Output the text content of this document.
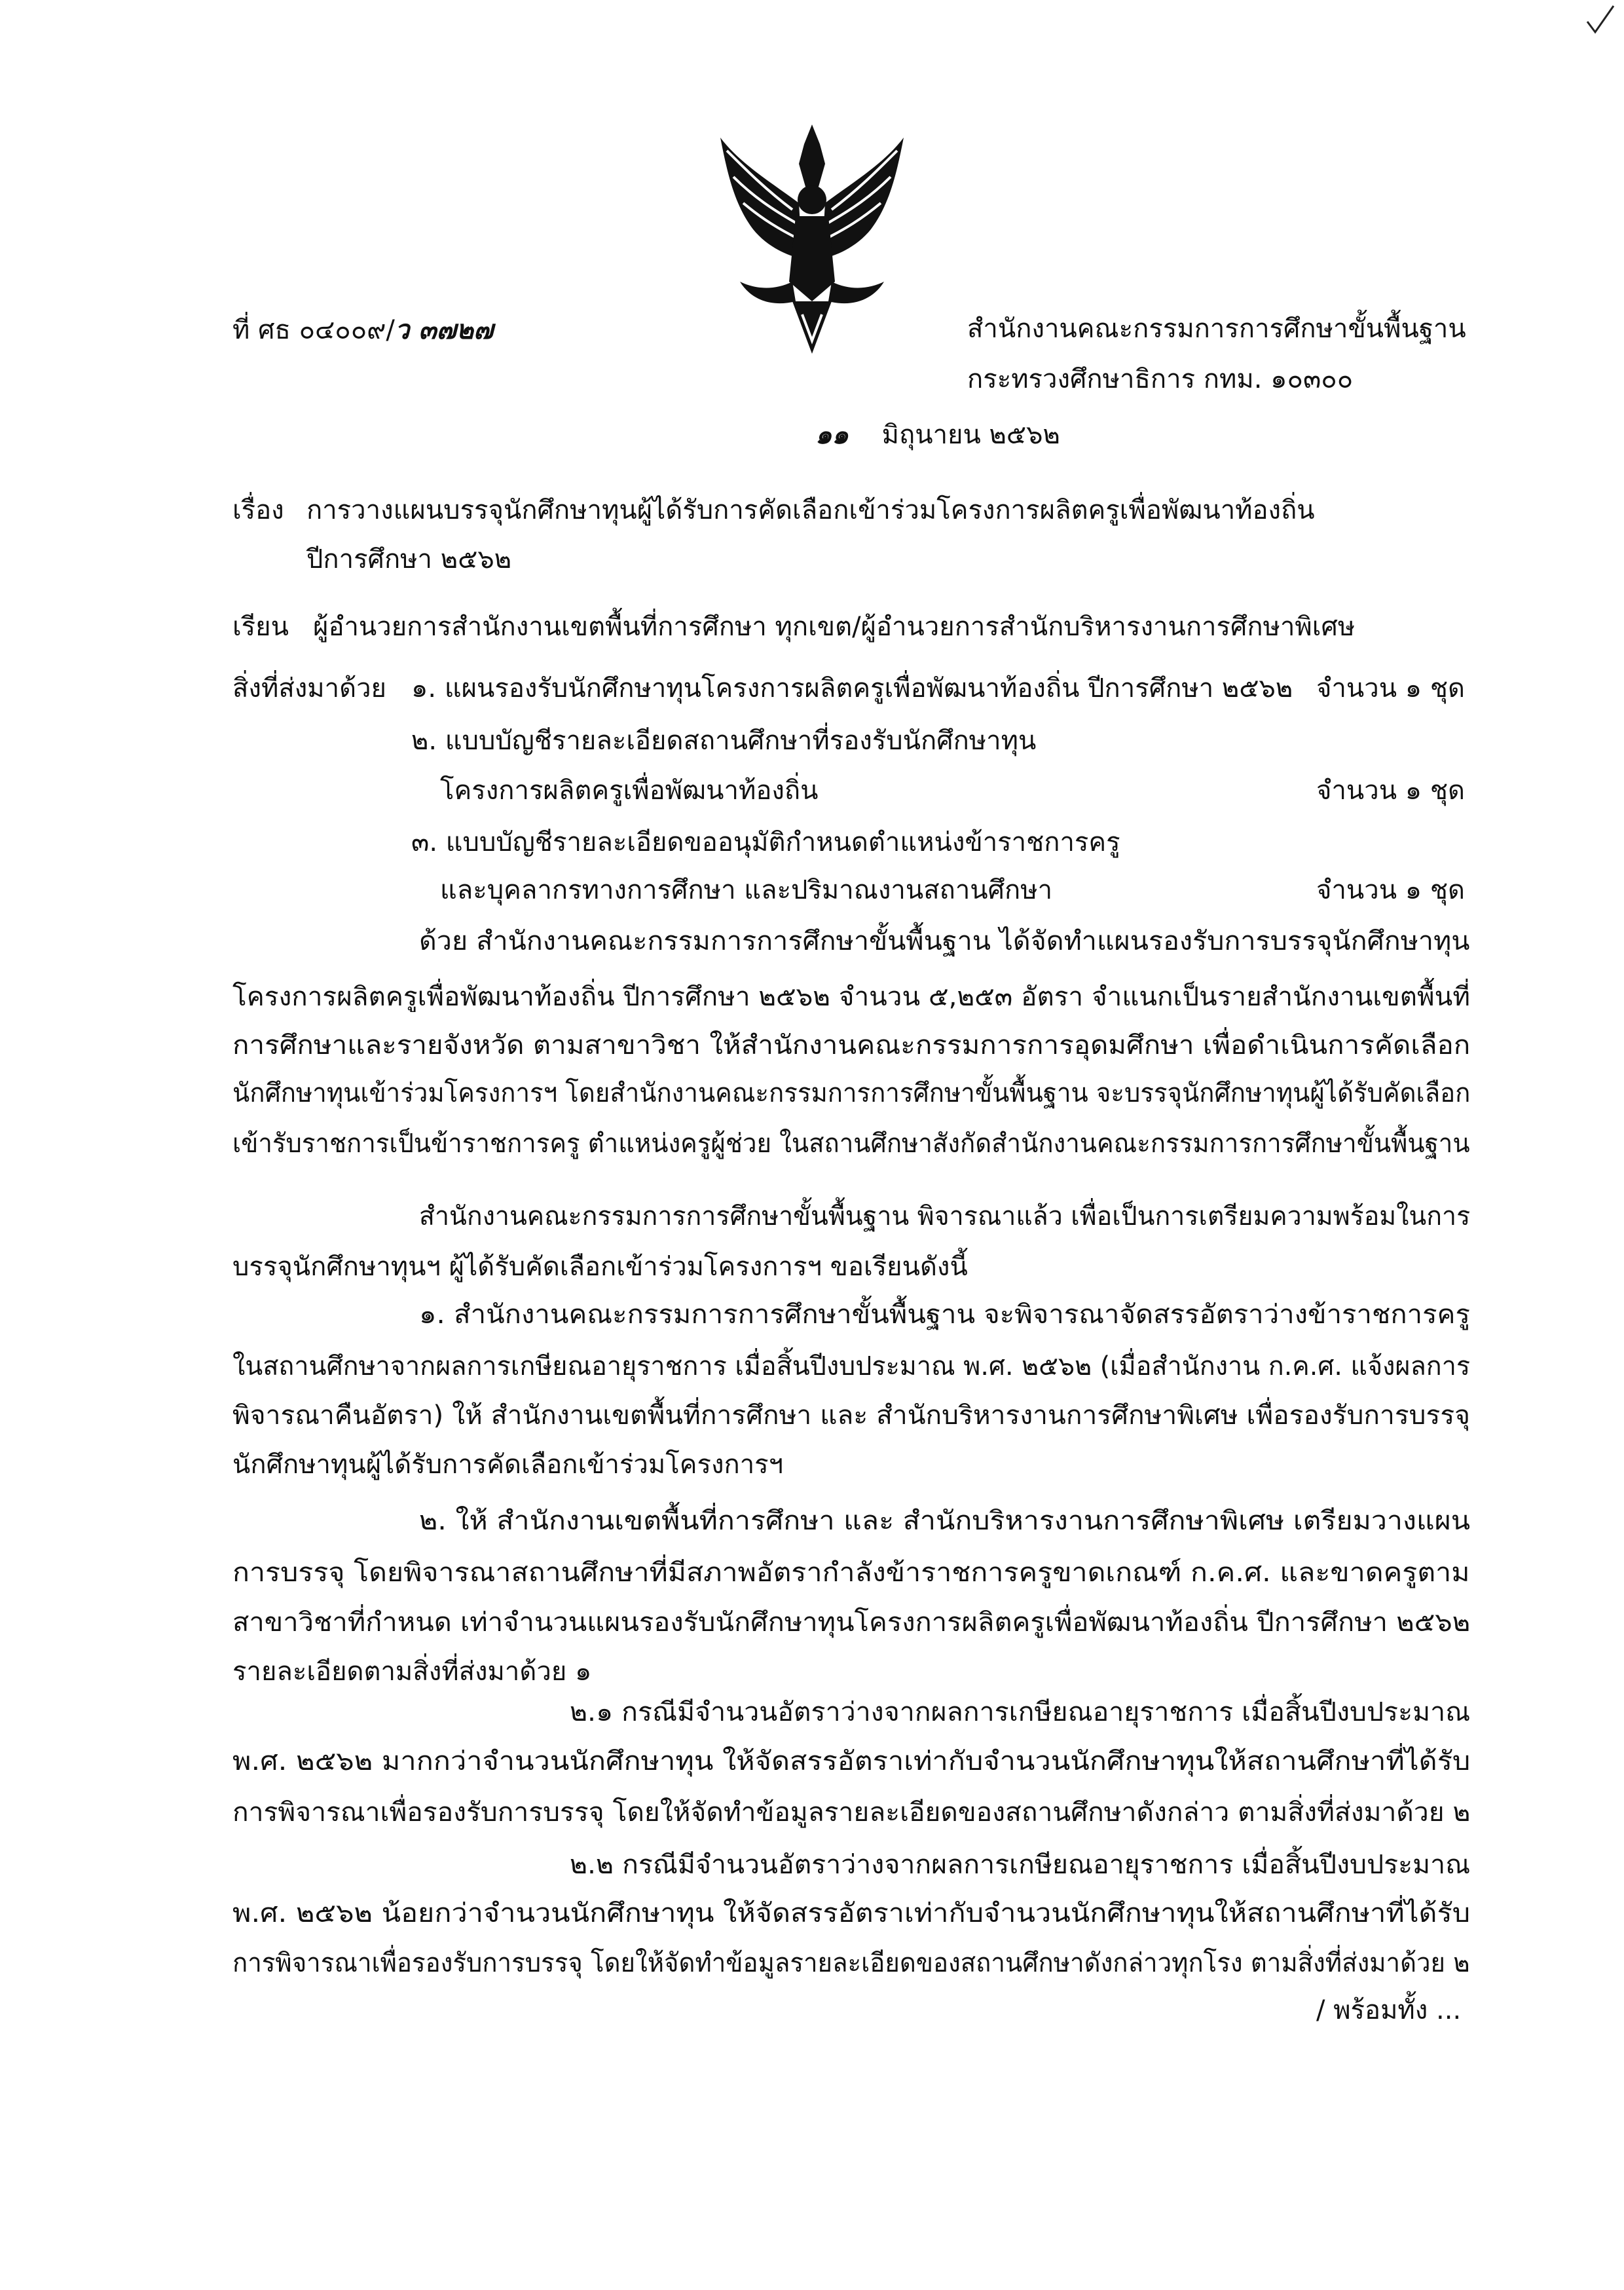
ที่ ศธ ๐๔๐๐๙/ว ๓๗๒๗	สำนักงานคณะกรรมการการศึกษาขั้นพื้นฐาน
กระทรวงศึกษาธิการ กทม. ๑๐๓๐๐
๑๑ มิถุนายน ๒๕๖๒
เรื่อง การวางแผนบรรจุนักศึกษาทุนผู้ได้รับการคัดเลือกเข้าร่วมโครงการผลิตครูเพื่อพัฒนาท้องถิ่น
ปีการศึกษา ๒๕๖๒
เรียน ผู้อำนวยการสำนักงานเขตพื้นที่การศึกษา ทุกเขต/ผู้อำนวยการสำนักบริหารงานการศึกษาพิเศษ
สิ่งที่ส่งมาด้วย ๑. แผนรองรับนักศึกษาทุนโครงการผลิตครูเพื่อพัฒนาท้องถิ่น ปีการศึกษา ๒๕๖๒ จำนวน ๑ ชุด
๒. แบบบัญชีรายละเอียดสถานศึกษาที่รองรับนักศึกษาทุน
โครงการผลิตครูเพื่อพัฒนาท้องถิ่น	จำนวน ๑ ชุด
๓. แบบบัญชีรายละเอียดขออนุมัติกำหนดตำแหน่งข้าราชการครู
และบุคลากรทางการศึกษา และปริมาณงานสถานศึกษา	จำนวน ๑ ชุด
ด้วย สำนักงานคณะกรรมการการศึกษาขั้นพื้นฐาน ได้จัดทำแผนรองรับการบรรจุนักศึกษาทุน
โครงการผลิตครูเพื่อพัฒนาท้องถิ่น ปีการศึกษา ๒๕๖๒ จำนวน ๕,๒๕๓ อัตรา จำแนกเป็นรายสำนักงานเขตพื้นที่
การศึกษาและรายจังหวัด ตามสาขาวิชา ให้สำนักงานคณะกรรมการการอุดมศึกษา เพื่อดำเนินการคัดเลือก
นักศึกษาทุนเข้าร่วมโครงการฯ โดยสำนักงานคณะกรรมการการศึกษาขั้นพื้นฐาน จะบรรจุนักศึกษาทุนผู้ได้รับคัดเลือก
เข้ารับราชการเป็นข้าราชการครู ตำแหน่งครูผู้ช่วย ในสถานศึกษาสังกัดสำนักงานคณะกรรมการการศึกษาขั้นพื้นฐาน
สำนักงานคณะกรรมการการศึกษาขั้นพื้นฐาน พิจารณาแล้ว เพื่อเป็นการเตรียมความพร้อมในการ
บรรจุนักศึกษาทุนฯ ผู้ได้รับคัดเลือกเข้าร่วมโครงการฯ ขอเรียนดังนี้
๑. สำนักงานคณะกรรมการการศึกษาขั้นพื้นฐาน จะพิจารณาจัดสรรอัตราว่างข้าราชการครู
ในสถานศึกษาจากผลการเกษียณอายุราชการ เมื่อสิ้นปีงบประมาณ พ.ศ. ๒๕๖๒ (เมื่อสำนักงาน ก.ค.ศ. แจ้งผลการ
พิจารณาคืนอัตรา) ให้ สำนักงานเขตพื้นที่การศึกษา และ สำนักบริหารงานการศึกษาพิเศษ เพื่อรองรับการบรรจุ
นักศึกษาทุนผู้ได้รับการคัดเลือกเข้าร่วมโครงการฯ
๒. ให้ สำนักงานเขตพื้นที่การศึกษา และ สำนักบริหารงานการศึกษาพิเศษ เตรียมวางแผน
การบรรจุ โดยพิจารณาสถานศึกษาที่มีสภาพอัตรากำลังข้าราชการครูขาดเกณฑ์ ก.ค.ศ. และขาดครูตาม
สาขาวิชาที่กำหนด เท่าจำนวนแผนรองรับนักศึกษาทุนโครงการผลิตครูเพื่อพัฒนาท้องถิ่น ปีการศึกษา ๒๕๖๒
รายละเอียดตามสิ่งที่ส่งมาด้วย ๑
๒.๑ กรณีมีจำนวนอัตราว่างจากผลการเกษียณอายุราชการ เมื่อสิ้นปีงบประมาณ
พ.ศ. ๒๕๖๒ มากกว่าจำนวนนักศึกษาทุน ให้จัดสรรอัตราเท่ากับจำนวนนักศึกษาทุนให้สถานศึกษาที่ได้รับ
การพิจารณาเพื่อรองรับการบรรจุ โดยให้จัดทำข้อมูลรายละเอียดของสถานศึกษาดังกล่าว ตามสิ่งที่ส่งมาด้วย ๒
๒.๒ กรณีมีจำนวนอัตราว่างจากผลการเกษียณอายุราชการ เมื่อสิ้นปีงบประมาณ
พ.ศ. ๒๕๖๒ น้อยกว่าจำนวนนักศึกษาทุน ให้จัดสรรอัตราเท่ากับจำนวนนักศึกษาทุนให้สถานศึกษาที่ได้รับ
การพิจารณาเพื่อรองรับการบรรจุ โดยให้จัดทำข้อมูลรายละเอียดของสถานศึกษาดังกล่าวทุกโรง ตามสิ่งที่ส่งมาด้วย ๒
/ พร้อมทั้ง ...
